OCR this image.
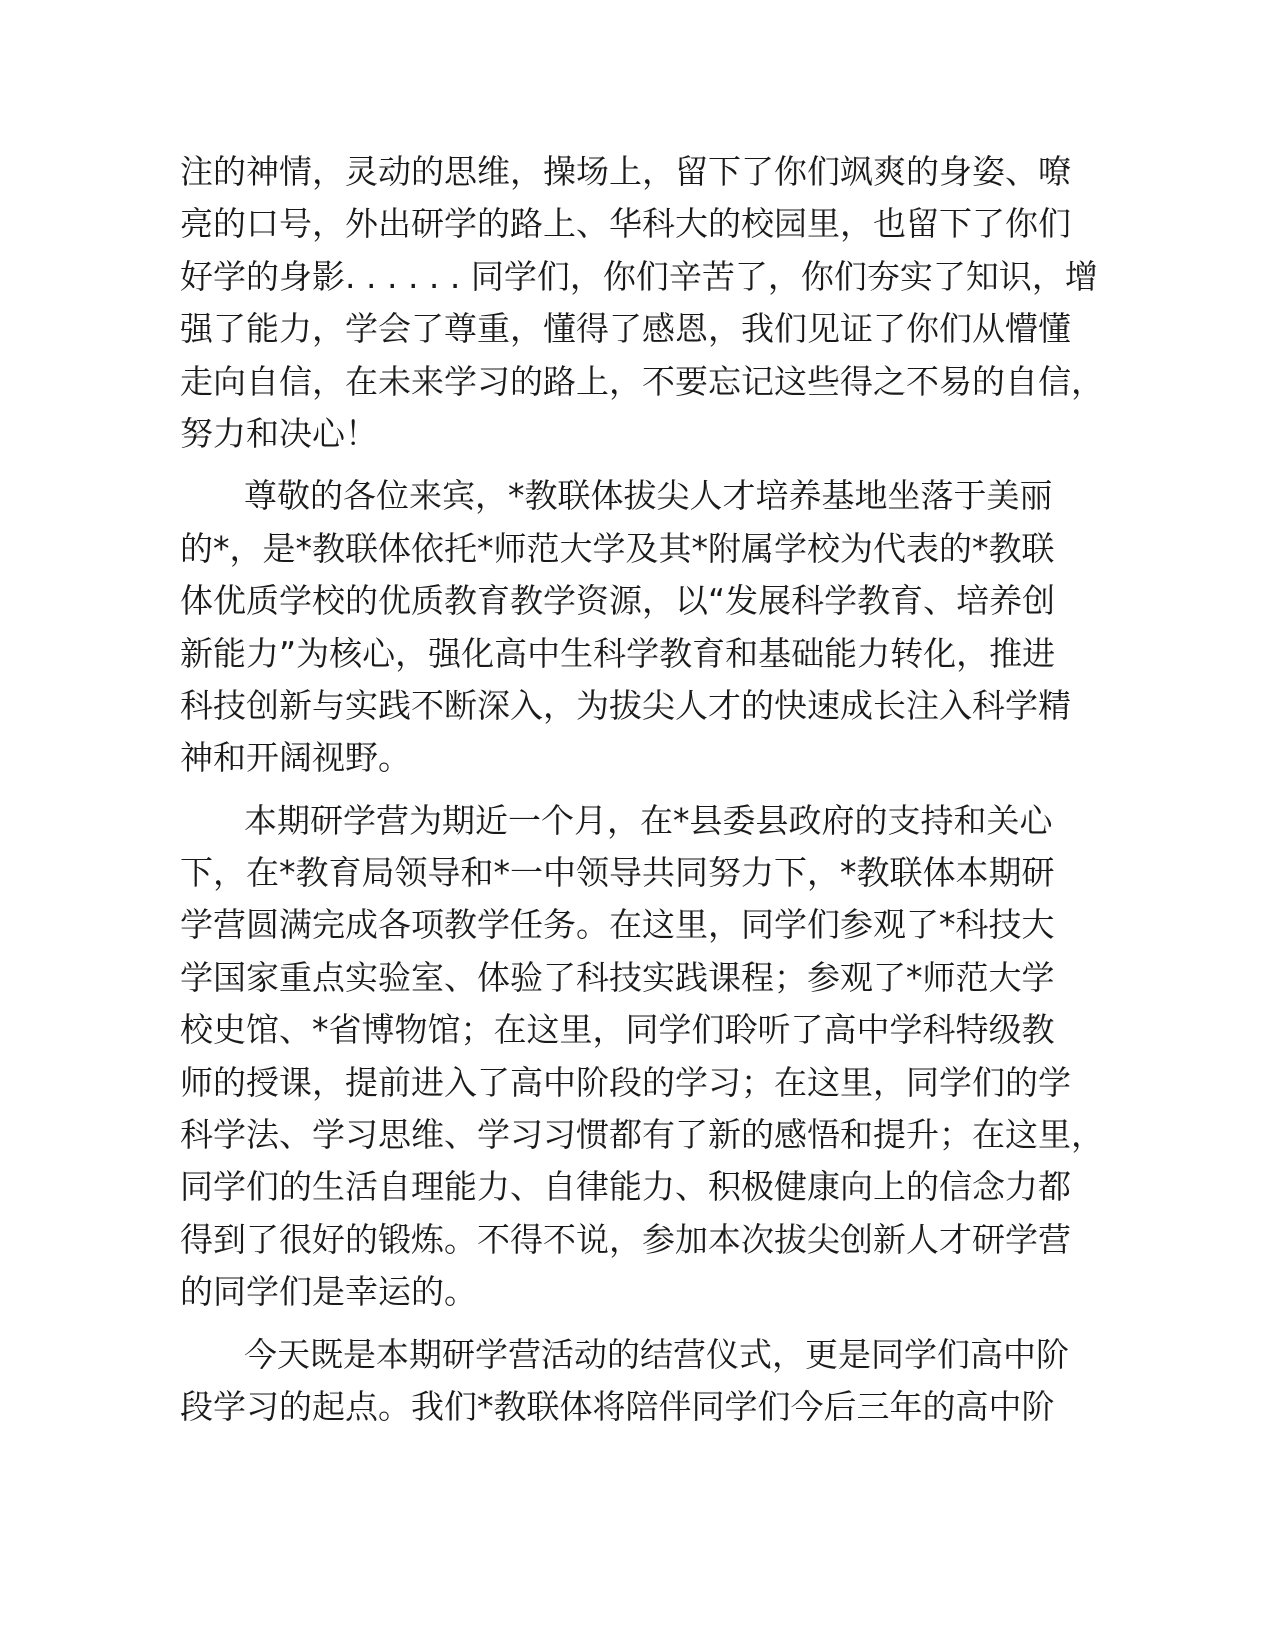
注的神情，灵动的思维，操场上，留下了你们飒爽的身姿、嘹
亮的口号，外出研学的路上、华科大的校园里，也留下了你们
好学的身影. . . . . . 同学们，你们辛苦了，你们夯实了知识，增
强了能力，学会了尊重，懂得了感恩，我们见证了你们从懵懂
走向自信，在未来学习的路上，不要忘记这些得之不易的自信，
努力和决心！
尊敬的各位来宾，*教联体拔尖人才培养基地坐落于美丽
的*，是*教联体依托*师范大学及其*附属学校为代表的*教联
体优质学校的优质教育教学资源，以“发展科学教育、培养创
新能力”为核心，强化高中生科学教育和基础能力转化，推进
科技创新与实践不断深入，为拔尖人才的快速成长注入科学精
神和开阔视野。
本期研学营为期近一个月，在*县委县政府的支持和关心
下，在*教育局领导和*一中领导共同努力下，*教联体本期研
学营圆满完成各项教学任务。在这里，同学们参观了*科技大
学国家重点实验室、体验了科技实践课程；参观了*师范大学
校史馆、*省博物馆；在这里，同学们聆听了高中学科特级教
师的授课，提前进入了高中阶段的学习；在这里，同学们的学
科学法、学习思维、学习习惯都有了新的感悟和提升；在这里，
同学们的生活自理能力、自律能力、积极健康向上的信念力都
得到了很好的锻炼。不得不说，参加本次拔尖创新人才研学营
的同学们是幸运的。
今天既是本期研学营活动的结营仪式，更是同学们高中阶
段学习的起点。我们*教联体将陪伴同学们今后三年的高中阶
